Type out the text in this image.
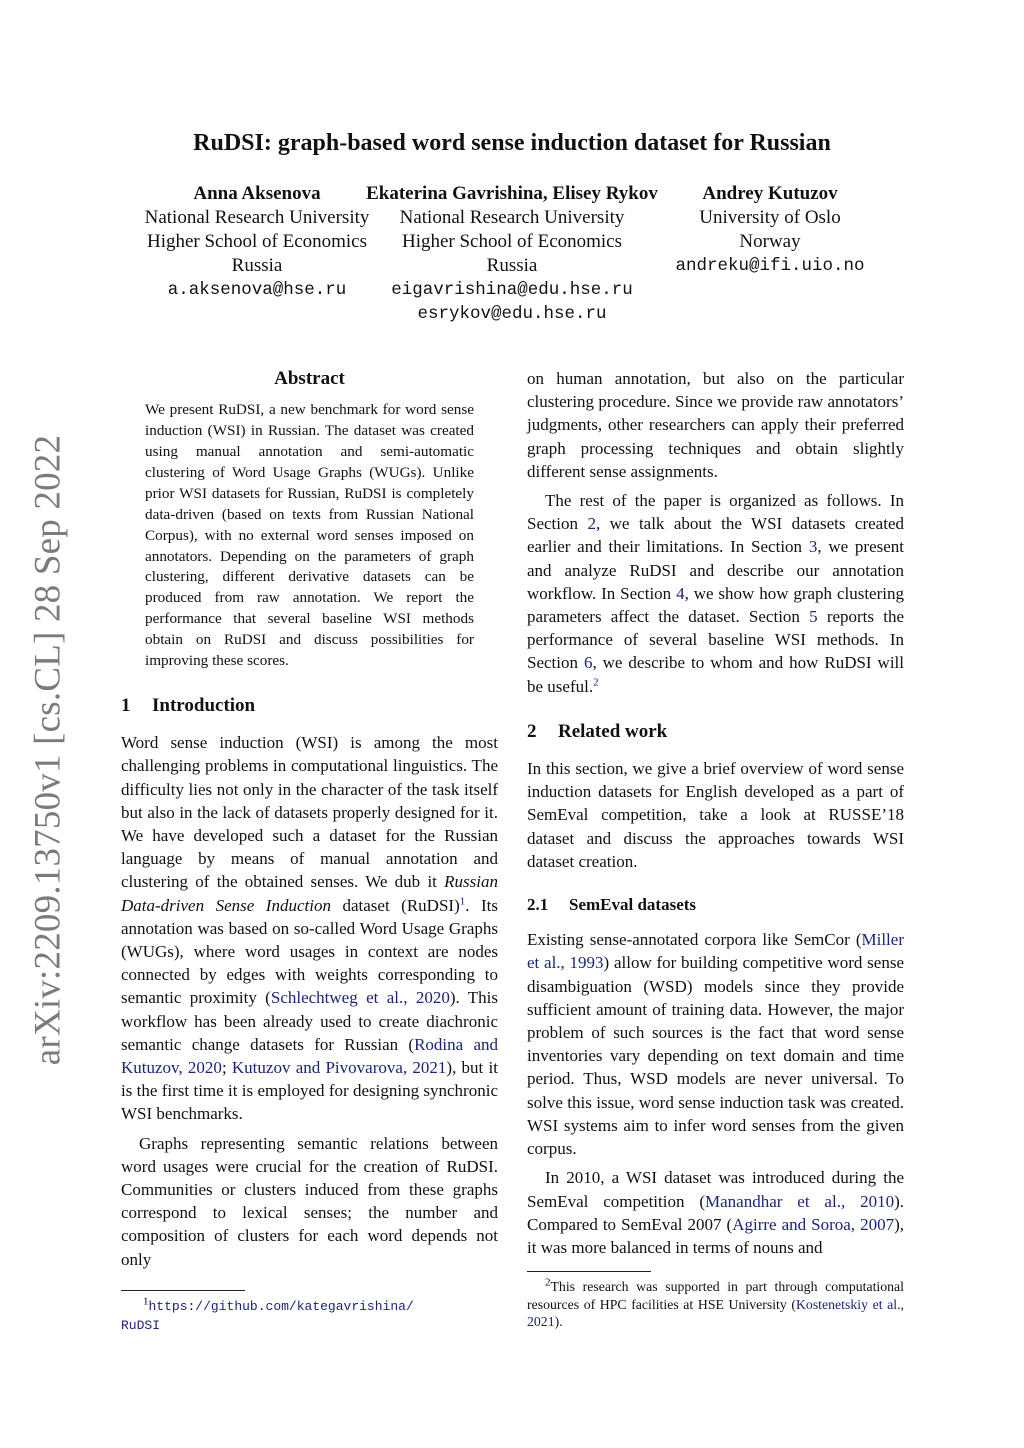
arXiv:2209.13750v1 [cs.CL] 28 Sep 2022
RuDSI: graph-based word sense induction dataset for Russian
Anna Aksenova
National Research University
Higher School of Economics
Russia
a.aksenova@hse.ru
Ekaterina Gavrishina, Elisey Rykov
National Research University
Higher School of Economics
Russia
eigavrishina@edu.hse.ru
esrykov@edu.hse.ru
Andrey Kutuzov
University of Oslo
Norway
andreku@ifi.uio.no
Abstract
We present RuDSI, a new benchmark for word sense induction (WSI) in Russian. The dataset was created using manual annotation and semi-automatic clustering of Word Usage Graphs (WUGs). Unlike prior WSI datasets for Russian, RuDSI is completely data-driven (based on texts from Russian National Corpus), with no external word senses imposed on annotators. Depending on the parameters of graph clustering, different derivative datasets can be produced from raw annotation. We report the performance that several baseline WSI methods obtain on RuDSI and discuss possibilities for improving these scores.
1 Introduction

Word sense induction (WSI) is among the most challenging problems in computational linguistics. The difficulty lies not only in the character of the task itself but also in the lack of datasets properly designed for it. We have developed such a dataset for the Russian language by means of manual annotation and clustering of the obtained senses. We dub it Russian Data-driven Sense Induction dataset (RuDSI)$^1$. Its annotation was based on so-called Word Usage Graphs (WUGs), where word usages in context are nodes connected by edges with weights corresponding to semantic proximity (Schlechtweg et al., 2020). This workflow has been already used to create diachronic semantic change datasets for Russian (Rodina and Kutuzov, 2020; Kutuzov and Pivovarova, 2021), but it is the first time it is employed for designing synchronic WSI benchmarks.

Graphs representing semantic relations between word usages were crucial for the creation of RuDSI. Communities or clusters induced from these graphs correspond to lexical senses; the number and composition of clusters for each word depends not only

$^1$https://github.com/kategavrishina/
RuDSI

on human annotation, but also on the particular clustering procedure. Since we provide raw annotators’ judgments, other researchers can apply their preferred graph processing techniques and obtain slightly different sense assignments.

The rest of the paper is organized as follows. In Section 2, we talk about the WSI datasets created earlier and their limitations. In Section 3, we present and analyze RuDSI and describe our annotation workflow. In Section 4, we show how graph clustering parameters affect the dataset. Section 5 reports the performance of several baseline WSI methods. In Section 6, we describe to whom and how RuDSI will be useful.$^2$

2 Related work

In this section, we give a brief overview of word sense induction datasets for English developed as a part of SemEval competition, take a look at RUSSE’18 dataset and discuss the approaches towards WSI dataset creation.

2.1 SemEval datasets

Existing sense-annotated corpora like SemCor (Miller et al., 1993) allow for building competitive word sense disambiguation (WSD) models since they provide sufficient amount of training data. However, the major problem of such sources is the fact that word sense inventories vary depending on text domain and time period. Thus, WSD models are never universal. To solve this issue, word sense induction task was created. WSI systems aim to infer word senses from the given corpus.

In 2010, a WSI dataset was introduced during the SemEval competition (Manandhar et al., 2010). Compared to SemEval 2007 (Agirre and Soroa, 2007), it was more balanced in terms of nouns and

$^2$This research was supported in part through computational resources of HPC facilities at HSE University (Kostenetskiy et al., 2021).
